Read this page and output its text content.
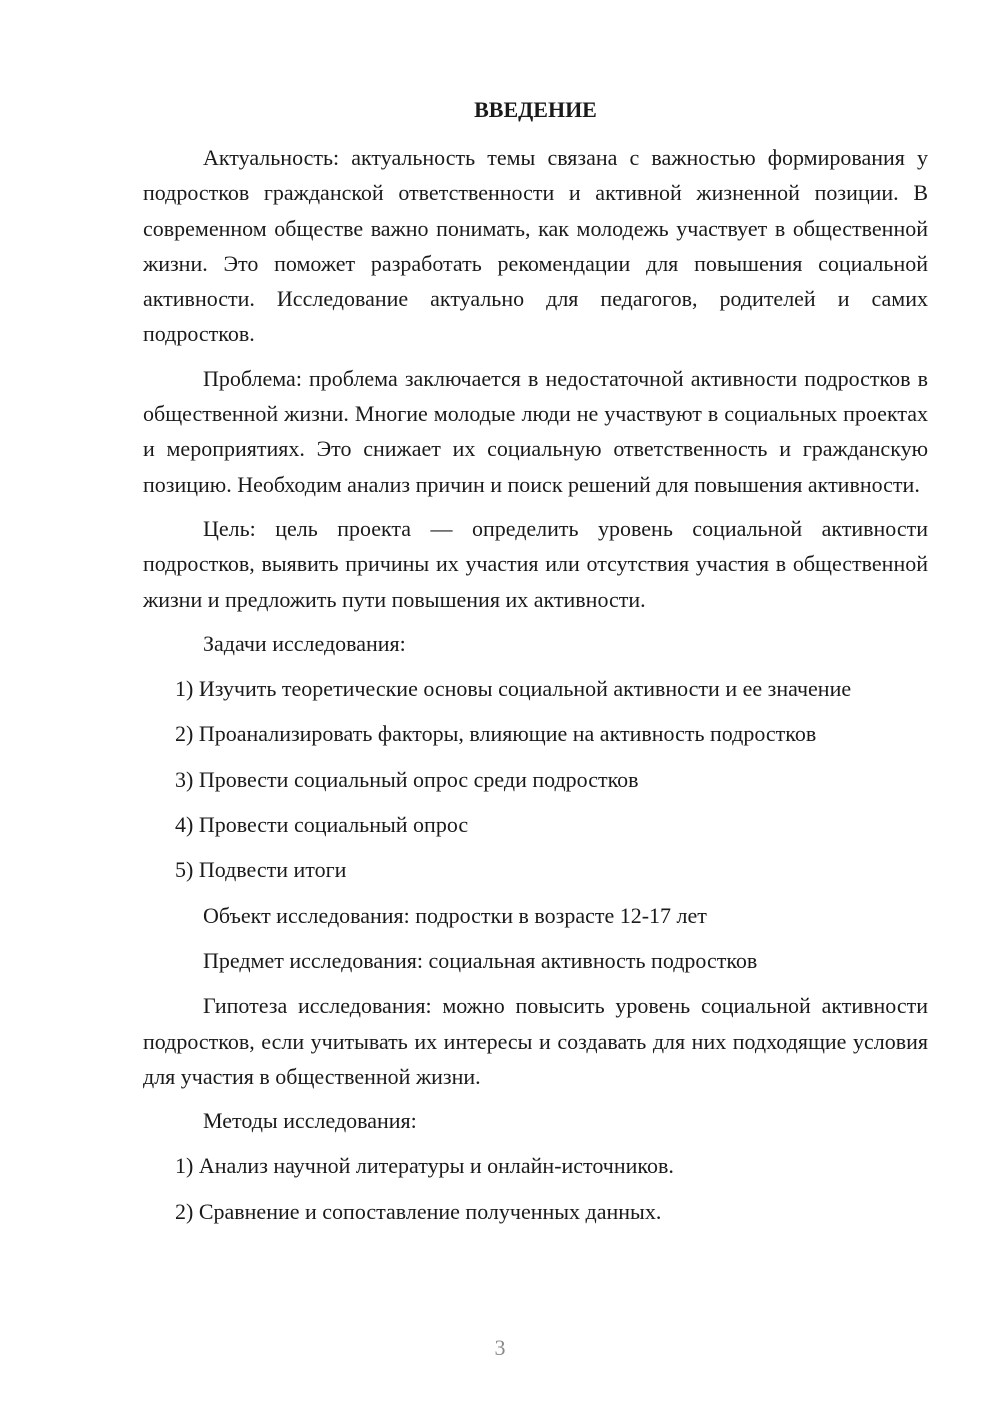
ВВЕДЕНИЕ

Актуальность: актуальность темы связана с важностью формирования у подростков гражданской ответственности и активной жизненной позиции. В современном обществе важно понимать, как молодежь участвует в общественной жизни. Это поможет разработать рекомендации для повышения социальной активности. Исследование актуально для педагогов, родителей и самих подростков.

Проблема: проблема заключается в недостаточной активности подростков в общественной жизни. Многие молодые люди не участвуют в социальных проектах и мероприятиях. Это снижает их социальную ответственность и гражданскую позицию. Необходим анализ причин и поиск решений для повышения активности.

Цель: цель проекта — определить уровень социальной активности подростков, выявить причины их участия или отсутствия участия в общественной жизни и предложить пути повышения их активности.

Задачи исследования:

1) Изучить теоретические основы социальной активности и ее значение

2) Проанализировать факторы, влияющие на активность подростков

3) Провести социальный опрос среди подростков

4) Провести социальный опрос

5) Подвести итоги

Объект исследования: подростки в возрасте 12-17 лет

Предмет исследования: социальная активность подростков

Гипотеза исследования: можно повысить уровень социальной активности подростков, если учитывать их интересы и создавать для них подходящие условия для участия в общественной жизни.

Методы исследования:

1) Анализ научной литературы и онлайн-источников.

2) Сравнение и сопоставление полученных данных.

3
